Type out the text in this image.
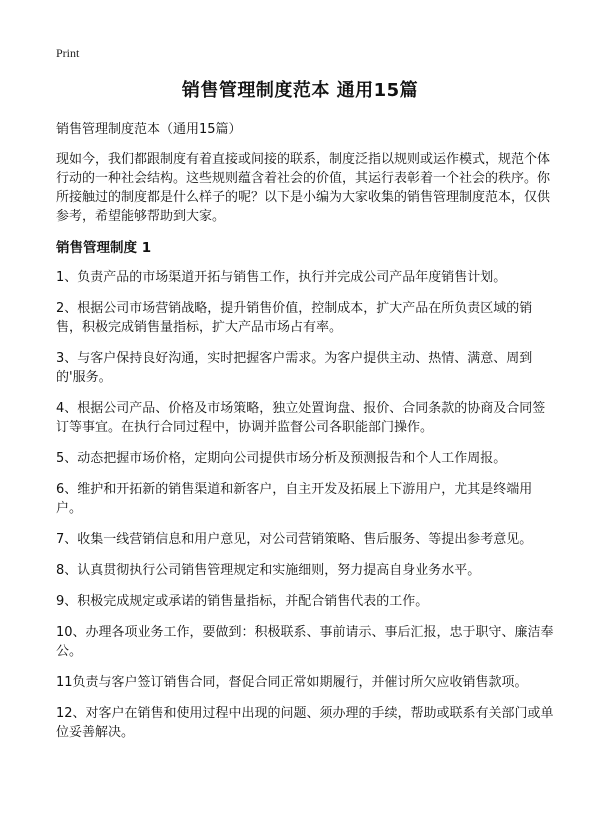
Print
销售管理制度范本 通用15篇

销售管理制度范本（通用15篇）

现如今，我们都跟制度有着直接或间接的联系，制度泛指以规则或运作模式，规范个体行动的一种社会结构。这些规则蕴含着社会的价值，其运行表彰着一个社会的秩序。你所接触过的制度都是什么样子的呢？以下是小编为大家收集的销售管理制度范本，仅供参考，希望能够帮助到大家。

销售管理制度 1

1、负责产品的市场渠道开拓与销售工作，执行并完成公司产品年度销售计划。

2、根据公司市场营销战略，提升销售价值，控制成本，扩大产品在所负责区域的销售，积极完成销售量指标，扩大产品市场占有率。

3、与客户保持良好沟通，实时把握客户需求。为客户提供主动、热情、满意、周到的'服务。

4、根据公司产品、价格及市场策略，独立处置询盘、报价、合同条款的协商及合同签订等事宜。在执行合同过程中，协调并监督公司各职能部门操作。

5、动态把握市场价格，定期向公司提供市场分析及预测报告和个人工作周报。

6、维护和开拓新的销售渠道和新客户，自主开发及拓展上下游用户，尤其是终端用户。

7、收集一线营销信息和用户意见，对公司营销策略、售后服务、等提出参考意见。

8、认真贯彻执行公司销售管理规定和实施细则，努力提高自身业务水平。

9、积极完成规定或承诺的销售量指标，并配合销售代表的工作。

10、办理各项业务工作，要做到：积极联系、事前请示、事后汇报，忠于职守、廉洁奉公。

11负责与客户签订销售合同，督促合同正常如期履行，并催讨所欠应收销售款项。

12、对客户在销售和使用过程中出现的问题、须办理的手续，帮助或联系有关部门或单位妥善解决。
